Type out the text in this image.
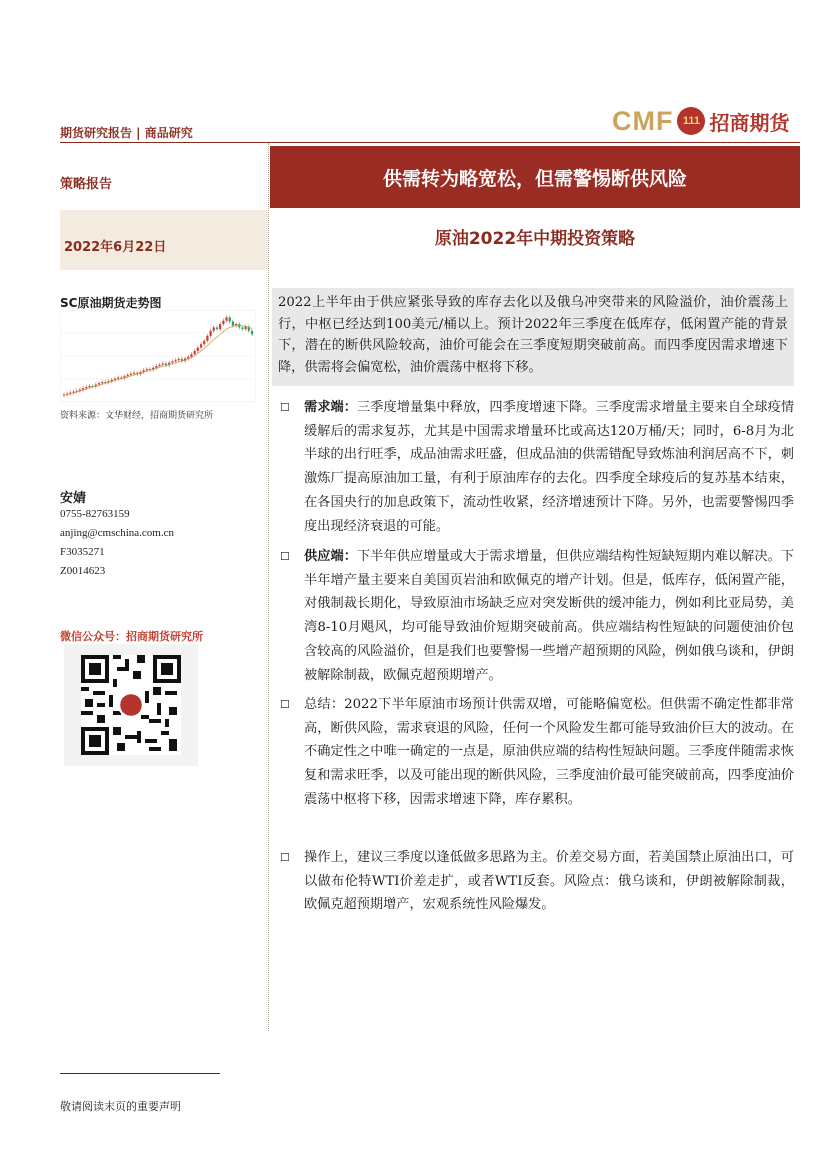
期货研究报告 | 商品研究	CMF 111 招商期货
策略报告	供需转为略宽松，但需警惕断供风险
2022年6月22日	原油2022年中期投资策略
SC原油期货走势图
资料来源：文华财经，招商期货研究所
安婧
0755-82763159
anjing@cmschina.com.cn
F3035271
Z0014623
微信公众号：招商期货研究所
2022上半年由于供应紧张导致的库存去化以及俄乌冲突带来的风险溢价，油价震荡上行，中枢已经达到100美元/桶以上。预计2022年三季度在低库存，低闲置产能的背景下，潜在的断供风险较高，油价可能会在三季度短期突破前高。而四季度因需求增速下降，供需将会偏宽松，油价震荡中枢将下移。
☐ 需求端：三季度增量集中释放，四季度增速下降。三季度需求增量主要来自全球疫情缓解后的需求复苏，尤其是中国需求增量环比或高达120万桶/天；同时，6-8月为北半球的出行旺季，成品油需求旺盛，但成品油的供需错配导致炼油利润居高不下，刺激炼厂提高原油加工量，有利于原油库存的去化。四季度全球疫后的复苏基本结束，在各国央行的加息政策下，流动性收紧，经济增速预计下降。另外，也需要警惕四季度出现经济衰退的可能。
☐ 供应端：下半年供应增量或大于需求增量，但供应端结构性短缺短期内难以解决。下半年增产量主要来自美国页岩油和欧佩克的增产计划。但是，低库存，低闲置产能，对俄制裁长期化，导致原油市场缺乏应对突发断供的缓冲能力，例如利比亚局势，美湾8-10月飓风，均可能导致油价短期突破前高。供应端结构性短缺的问题使油价包含较高的风险溢价，但是我们也要警惕一些增产超预期的风险，例如俄乌谈和，伊朗被解除制裁，欧佩克超预期增产。
☐ 总结：2022下半年原油市场预计供需双增，可能略偏宽松。但供需不确定性都非常高，断供风险，需求衰退的风险，任何一个风险发生都可能导致油价巨大的波动。在不确定性之中唯一确定的一点是，原油供应端的结构性短缺问题。三季度伴随需求恢复和需求旺季，以及可能出现的断供风险，三季度油价最可能突破前高，四季度油价震荡中枢将下移，因需求增速下降，库存累积。
☐ 操作上，建议三季度以逢低做多思路为主。价差交易方面，若美国禁止原油出口，可以做布伦特WTI价差走扩，或者WTI反套。风险点：俄乌谈和，伊朗被解除制裁，欧佩克超预期增产，宏观系统性风险爆发。
敬请阅读末页的重要声明
